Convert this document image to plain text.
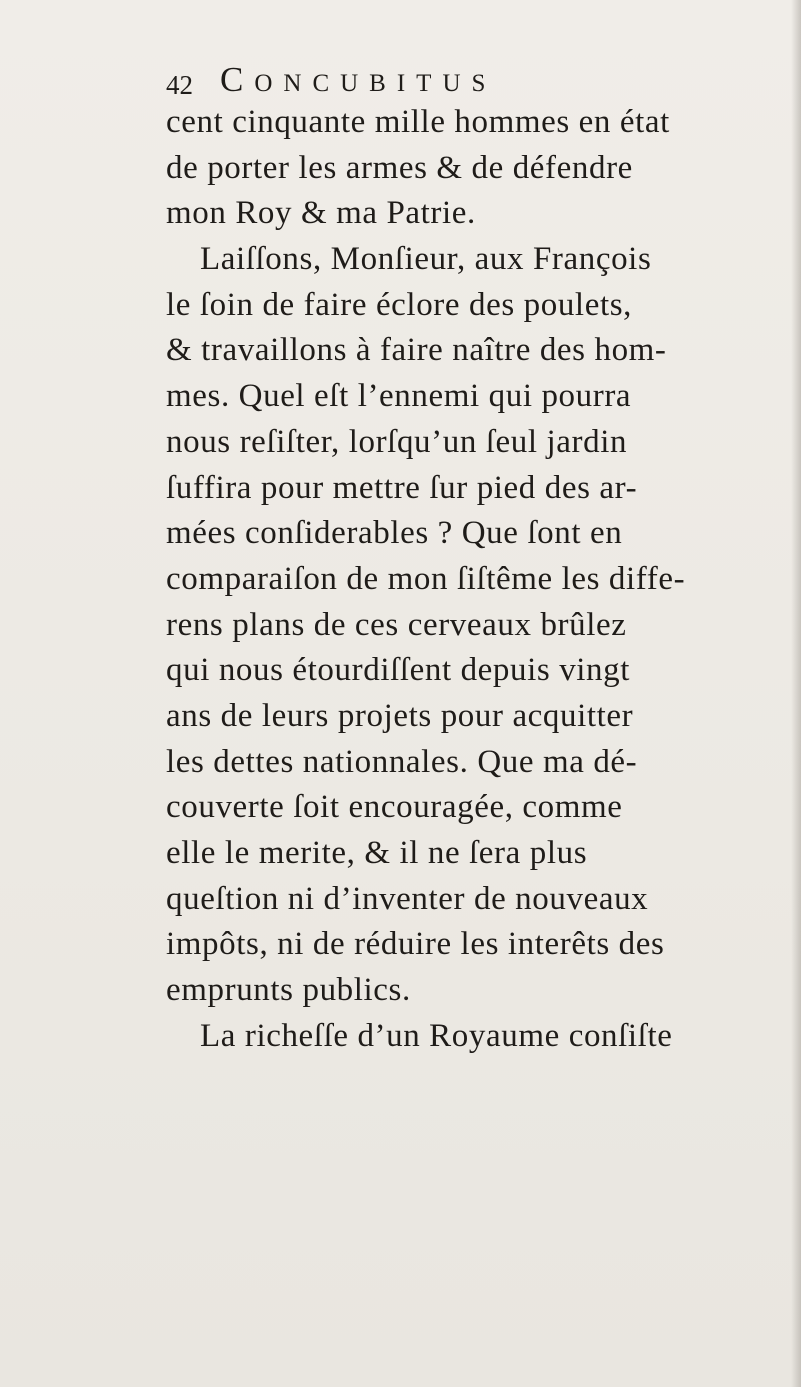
42 Concubitus
cent cinquante mille hommes en état
de porter les armes & de défendre
mon Roy & ma Patrie.
Laiſſons, Monſieur, aux François
le ſoin de faire éclore des poulets,
& travaillons à faire naître des hom-
mes. Quel eſt l’ennemi qui pourra
nous reſiſter, lorſqu’un ſeul jardin
ſuffira pour mettre ſur pied des ar-
mées conſiderables ? Que ſont en
comparaiſon de mon ſiſtême les diffe-
rens plans de ces cerveaux brûlez
qui nous étourdiſſent depuis vingt
ans de leurs projets pour acquitter
les dettes nationnales. Que ma dé-
couverte ſoit encouragée, comme
elle le merite, & il ne ſera plus
queſtion ni d’inventer de nouveaux
impôts, ni de réduire les interêts des
emprunts publics.
La richeſſe d’un Royaume conſiſte
